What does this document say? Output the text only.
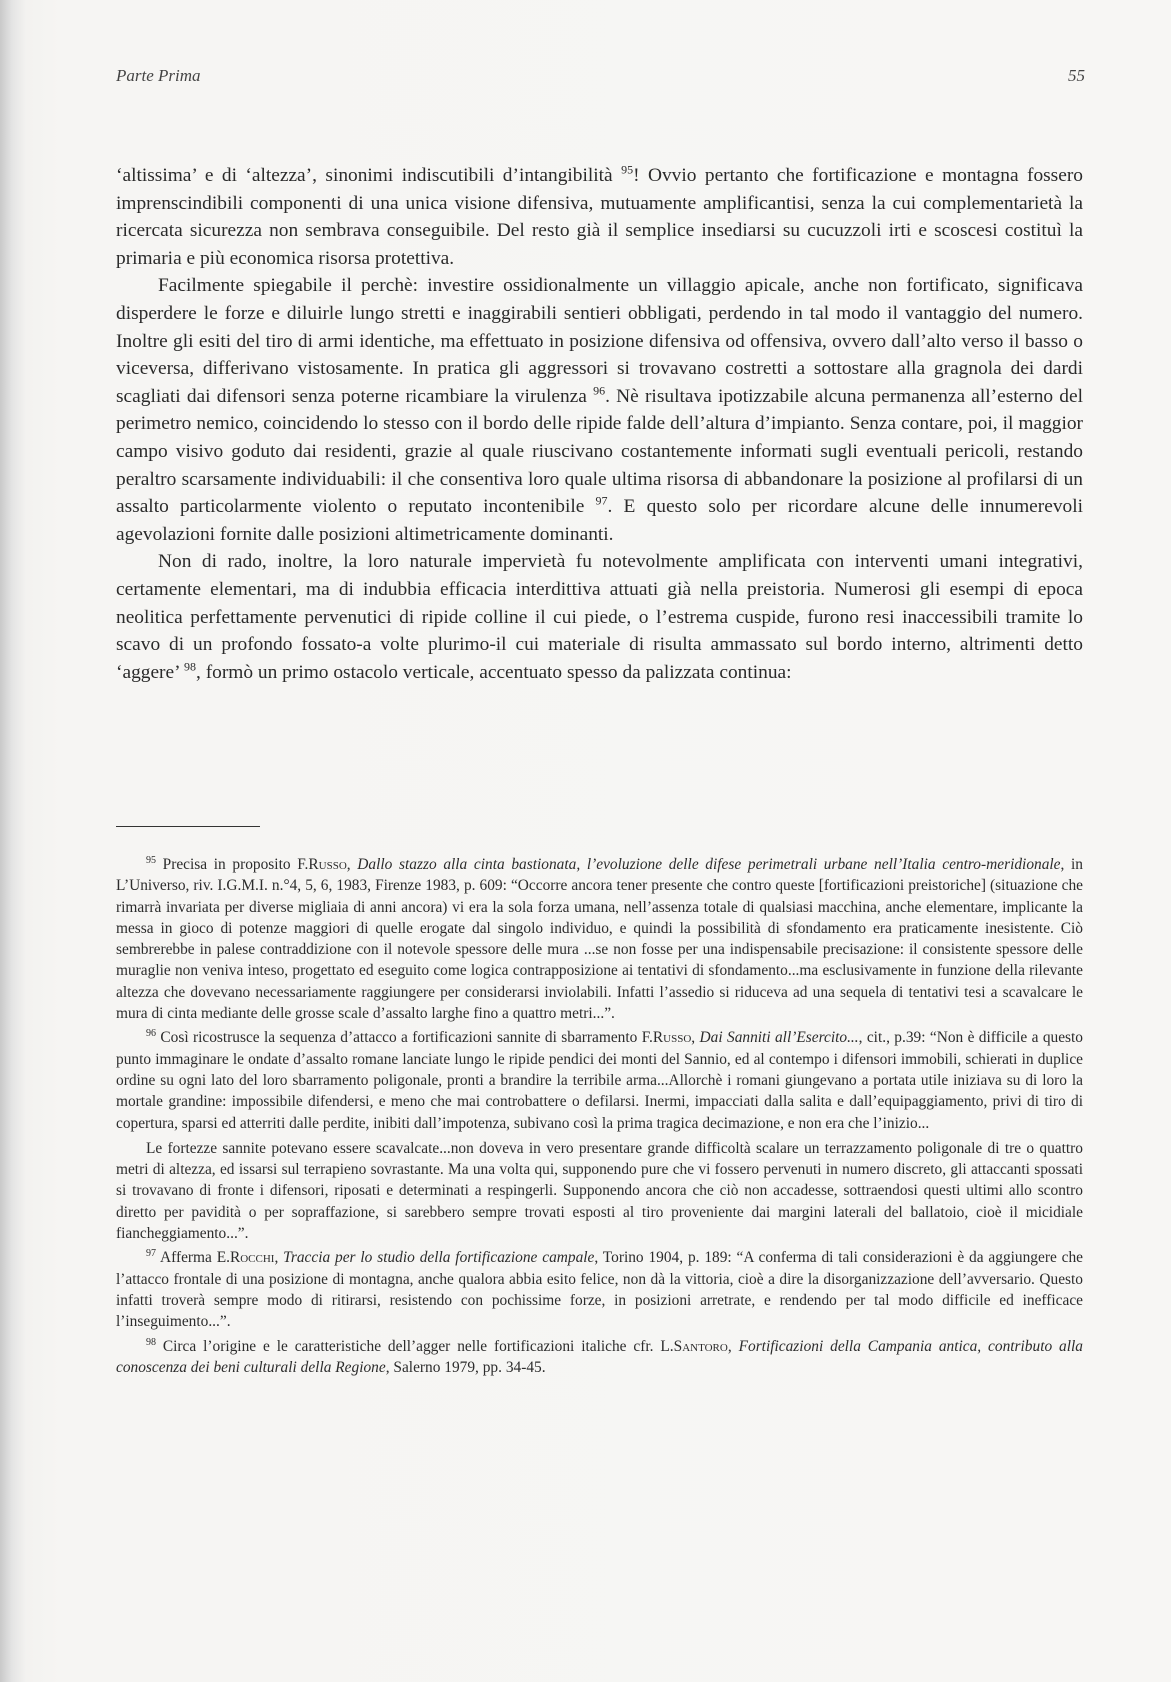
Parte Prima	55

‘altissima’ e di ‘altezza’, sinonimi indiscutibili d’intangibilità $^{95}$! Ovvio pertanto che fortificazione e montagna fossero imprenscindibili componenti di una unica visione difensiva, mutuamente amplificantisi, senza la cui complementarietà la ricercata sicurezza non sembrava conseguibile. Del resto già il semplice insediarsi su cucuzzoli irti e scoscesi costituì la primaria e più economica risorsa protettiva.

Facilmente spiegabile il perchè: investire ossidionalmente un villaggio apicale, anche non fortificato, significava disperdere le forze e diluirle lungo stretti e inaggirabili sentieri obbligati, perdendo in tal modo il vantaggio del numero. Inoltre gli esiti del tiro di armi identiche, ma effettuato in posizione difensiva od offensiva, ovvero dall’alto verso il basso o viceversa, differivano vistosamente. In pratica gli aggressori si trovavano costretti a sottostare alla gragnola dei dardi scagliati dai difensori senza poterne ricambiare la virulenza $^{96}$. Nè risultava ipotizzabile alcuna permanenza all’esterno del perimetro nemico, coincidendo lo stesso con il bordo delle ripide falde dell’altura d’impianto. Senza contare, poi, il maggior campo visivo goduto dai residenti, grazie al quale riuscivano costantemente informati sugli eventuali pericoli, restando peraltro scarsamente individuabili: il che consentiva loro quale ultima risorsa di abbandonare la posizione al profilarsi di un assalto particolarmente violento o reputato incontenibile $^{97}$. E questo solo per ricordare alcune delle innumerevoli agevolazioni fornite dalle posizioni altimetricamente dominanti.

Non di rado, inoltre, la loro naturale impervietà fu notevolmente amplificata con interventi umani integrativi, certamente elementari, ma di indubbia efficacia interdittiva attuati già nella preistoria. Numerosi gli esempi di epoca neolitica perfettamente pervenutici di ripide colline il cui piede, o l’estrema cuspide, furono resi inaccessibili tramite lo scavo di un profondo fossato-a volte plurimo-il cui materiale di risulta ammassato sul bordo interno, altrimenti detto ‘aggere’ $^{98}$, formò un primo ostacolo verticale, accentuato spesso da palizzata continua:

$^{95}$ Precisa in proposito F.Russo, Dallo stazzo alla cinta bastionata, l’evoluzione delle difese perimetrali urbane nell’Italia centro-meridionale, in L’Universo, riv. I.G.M.I. n.°4, 5, 6, 1983, Firenze 1983, p. 609: “Occorre ancora tener presente che contro queste [fortificazioni preistoriche] (situazione che rimarrà invariata per diverse migliaia di anni ancora) vi era la sola forza umana, nell’assenza totale di qualsiasi macchina, anche elementare, implicante la messa in gioco di potenze maggiori di quelle erogate dal singolo individuo, e quindi la possibilità di sfondamento era praticamente inesistente. Ciò sembrerebbe in palese contraddizione con il notevole spessore delle mura ...se non fosse per una indispensabile precisazione: il consistente spessore delle muraglie non veniva inteso, progettato ed eseguito come logica contrapposizione ai tentativi di sfondamento...ma esclusivamente in funzione della rilevante altezza che dovevano necessariamente raggiungere per considerarsi inviolabili. Infatti l’assedio si riduceva ad una sequela di tentativi tesi a scavalcare le mura di cinta mediante delle grosse scale d’assalto larghe fino a quattro metri...”.

$^{96}$ Così ricostrusce la sequenza d’attacco a fortificazioni sannite di sbarramento F.Russo, Dai Sanniti all’Esercito..., cit., p.39: “Non è difficile a questo punto immaginare le ondate d’assalto romane lanciate lungo le ripide pendici dei monti del Sannio, ed al contempo i difensori immobili, schierati in duplice ordine su ogni lato del loro sbarramento poligonale, pronti a brandire la terribile arma...Allorchè i romani giungevano a portata utile iniziava su di loro la mortale grandine: impossibile difendersi, e meno che mai controbattere o defilarsi. Inermi, impacciati dalla salita e dall’equipaggiamento, privi di tiro di copertura, sparsi ed atterriti dalle perdite, inibiti dall’impotenza, subivano così la prima tragica decimazione, e non era che l’inizio...

Le fortezze sannite potevano essere scavalcate...non doveva in vero presentare grande difficoltà scalare un terrazzamento poligonale di tre o quattro metri di altezza, ed issarsi sul terrapieno sovrastante. Ma una volta qui, supponendo pure che vi fossero pervenuti in numero discreto, gli attaccanti spossati si trovavano di fronte i difensori, riposati e determinati a respingerli. Supponendo ancora che ciò non accadesse, sottraendosi questi ultimi allo scontro diretto per pavidità o per sopraffazione, si sarebbero sempre trovati esposti al tiro proveniente dai margini laterali del ballatoio, cioè il micidiale fiancheggiamento...”.

$^{97}$ Afferma E.Rocchi, Traccia per lo studio della fortificazione campale, Torino 1904, p. 189: “A conferma di tali considerazioni è da aggiungere che l’attacco frontale di una posizione di montagna, anche qualora abbia esito felice, non dà la vittoria, cioè a dire la disorganizzazione dell’avversario. Questo infatti troverà sempre modo di ritirarsi, resistendo con pochissime forze, in posizioni arretrate, e rendendo per tal modo difficile ed inefficace l’inseguimento...”.

$^{98}$ Circa l’origine e le caratteristiche dell’agger nelle fortificazioni italiche cfr. L.Santoro, Fortificazioni della Campania antica, contributo alla conoscenza dei beni culturali della Regione, Salerno 1979, pp. 34-45.
